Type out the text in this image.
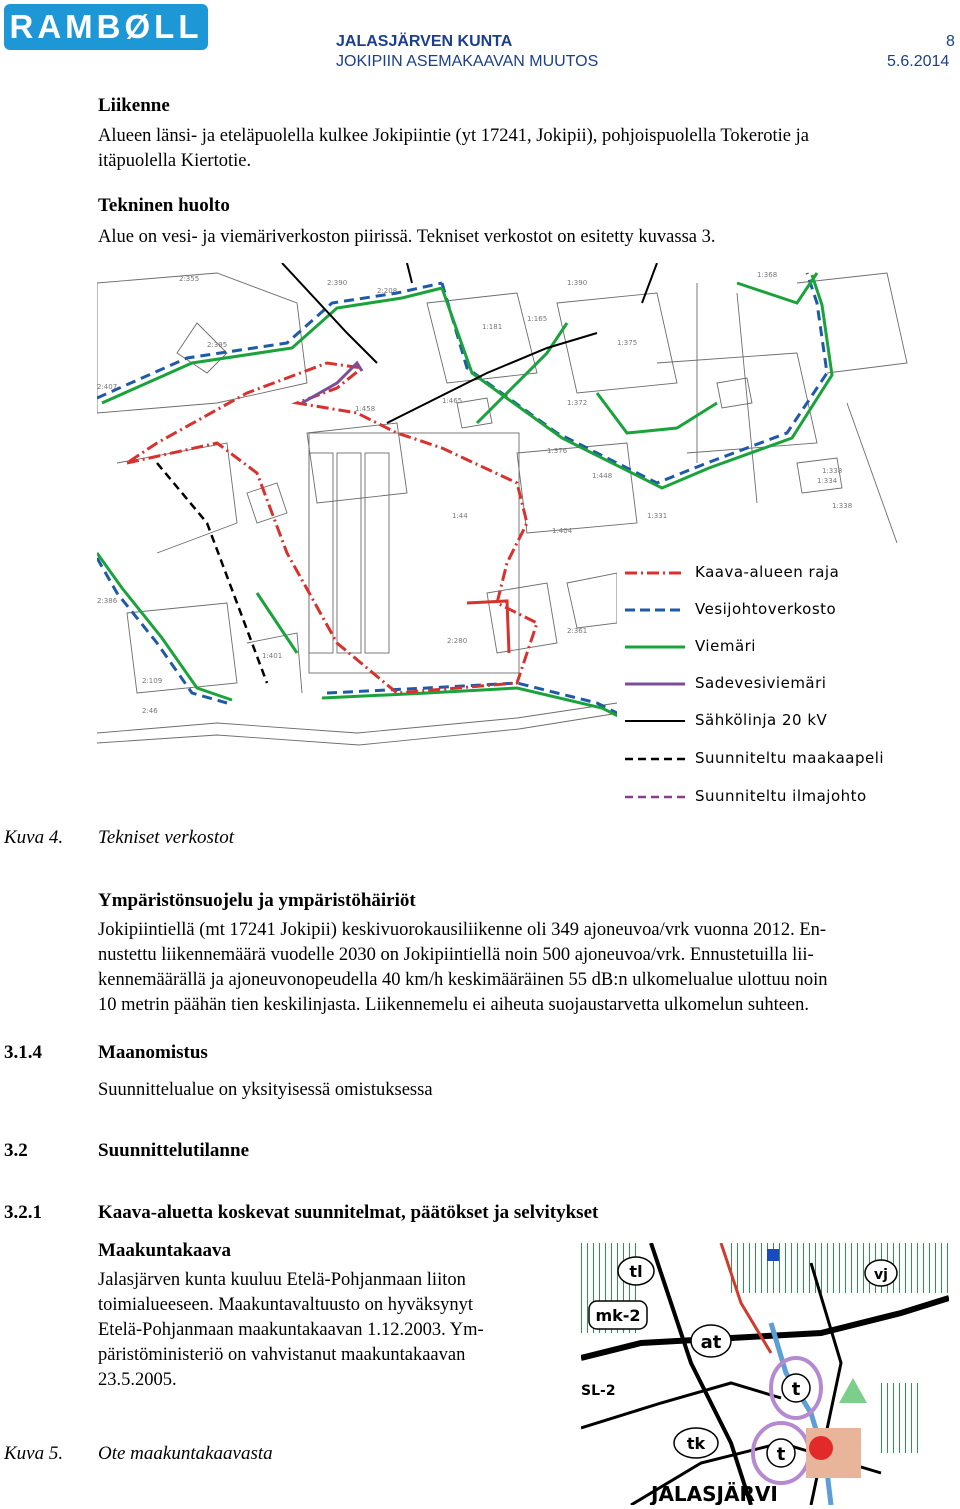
RAMBØLL	JALASJÄRVEN KUNTA
JOKIPIIN ASEMAKAAVAN MUUTOS
8
5.6.2014
Liikenne
Alueen länsi- ja eteläpuolella kulkee Jokipiintie (yt 17241, Jokipii), pohjoispuolella Tokerotie ja
itäpuolella Kiertotie.
Tekninen huolto
Alue on vesi- ja viemäriverkoston piirissä. Tekniset verkostot on esitetty kuvassa 3.
2:355	2:390
2:208
1:390
1:368
2:395
1:181
1:165
1:375
2:407
1:458
1:465	1:372
1:376
1:448
1:331
1:404
1:44
2:386
1:401
2:280
2:361
2:109
2:46
1:334
1:338
1:338
Kaava-alueen raja
Vesijohtoverkosto
Viemäri
Sadevesiviemäri
Sähkölinja 20 kV
Suunniteltu maakaapeli
Suunniteltu ilmajohto
Kuva 4. Tekniset verkostot
Ympäristönsuojelu ja ympäristöhäiriöt
Jokipiintiellä (mt 17241 Jokipii) keskivuorokausiliikenne oli 349 ajoneuvoa/vrk vuonna 2012. En-
nustettu liikennemäärä vuodelle 2030 on Jokipiintiellä noin 500 ajoneuvoa/vrk. Ennustetuilla lii-
kennemäärällä ja ajoneuvonopeudella 40 km/h keskimääräinen 55 dB:n ulkomelualue ulottuu noin
10 metrin päähän tien keskilinjasta. Liikennemelu ei aiheuta suojaustarvetta ulkomelun suhteen.
3.1.4	Maanomistus
Suunnittelualue on yksityisessä omistuksessa
3.2	Suunnittelutilanne
3.2.1	Kaava-aluetta koskevat suunnitelmat, päätökset ja selvitykset
Maakuntakaava
Jalasjärven kunta kuuluu Etelä-Pohjanmaan liiton
toimialueeseen. Maakuntavaltuusto on hyväksynyt
Etelä-Pohjanmaan maakuntakaavan 1.12.2003. Ym-
päristöministeriö on vahvistanut maakuntakaavan
23.5.2005.
tl
mk-2
at
vj
SL-2
tk
t
t
JALASJÄRVI
Kuva 5. Ote maakuntakaavasta
